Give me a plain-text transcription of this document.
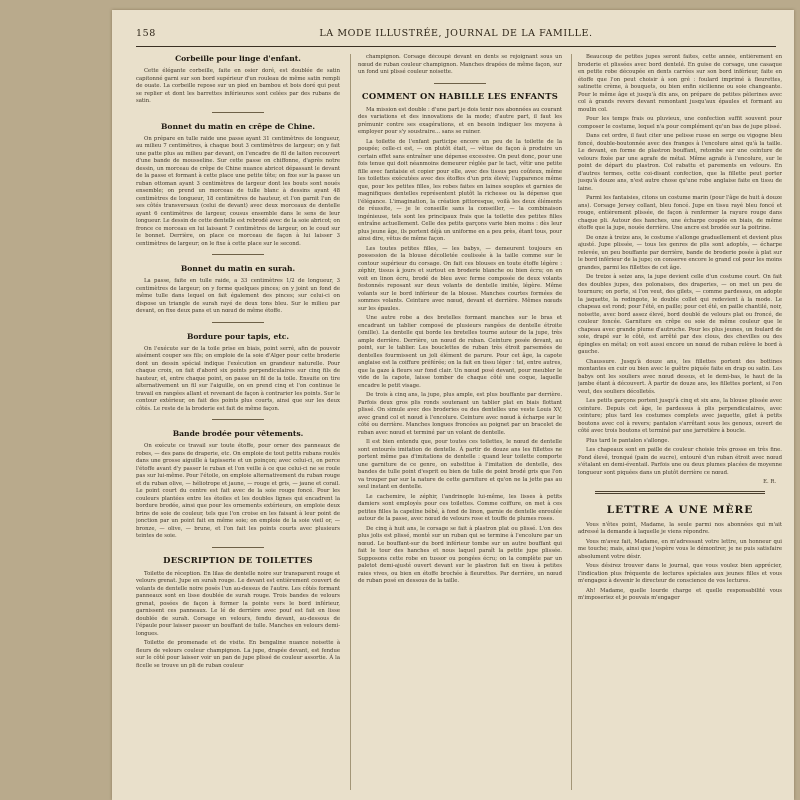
158	LA MODE ILLUSTRÉE, JOURNAL DE LA FAMILLE.
Corbeille pour linge d'enfant.

Cette élégante corbeille, faite en osier doré, est doublée de satin capitonné garni sur son bord supérieur d'un rouleau de même satin rempli de ouate. La corbeille repose sur un pied en bambou et bois doré qui peut se replier et dont les barrettes inférieures sont celées par des rubans de satin.

Bonnet du matin en crêpe de Chine.

On prépare en tulle raide une passe ayant 31 centimètres de longueur, au milieu 7 centimètres, à chaque bout 3 centimètres de largeur; on y fait une patte plus au milieu par devant, on l'encadre de fil de laiton recouvert d'une bande de mousseline. Sur cette passe on chiffonne, d'après notre dessin, un morceau de crêpe de Chine nuance abricot dépassant le devant de la passe et formant à cette place une petite tête; on fixe sur la passe un ruban ottoman ayant 3 centimètres de largeur dont les bouts sont noués ensemble; on prend un morceau de tulle blanc à dessins ayant 48 centimètres de longueur, 18 centimètres de hauteur, et l'on garnit l'un de ses côtés transversaux (celui de devant) avec deux morceaux de dentelle ayant 6 centimètres de largeur, cousus ensemble dans le sens de leur longueur. Le dessin de cette dentelle est rebrodé avec de la soie abricot; on fronce ce morceau en lui laissant 7 centimètres de largeur, on le coud sur le bonnet. Derrière, on place ce morceau de façon à lui laisser 3 centimètres de largeur; on le fixe à cette place sur le second.

Bonnet du matin en surah.

La passe, faite en tulle raide, a 33 centimètres 1/2 de longueur, 3 centimètres de largeur; on y forme quelques pinces; on y joint un fond de même tulle dans lequel on fait également des pinces; sur celui-ci on dispose un triangle de surah rayé de deux tons bleu. Sur le milieu par devant, on fixe deux pans et un nœud de même étoffe.

Bordure pour tapis, etc.

On l'exécute sur de la toile prise en biais, point serré, afin de pouvoir aisément couper ses fils; on emploie de la soie d'Alger pour cette broderie dont un dessin spécial indique l'exécution en grandeur naturelle. Pour chaque croix, on fait d'abord six points perpendiculaires sur cinq fils de hauteur, et, entre chaque point, on passe un fil de la toile. Ensuite on tire alternativement un fil sur l'aiguille, on en prend cinq et l'on continue le travail en rangées allant et revenant de façon à contrarier les points. Sur le contour extérieur, on fait des points plus courts, ainsi que sur les deux côtés. Le reste de la broderie est fait de même façon.

Bande brodée pour vêtements.

On exécute ce travail sur toute étoffe, pour orner des panneaux de robes, — des pans de draperie, etc. On emploie de tout petits rubans roulés dans une grosse aiguille à tapisserie et un poinçon; avec celui-ci, on perce l'étoffe avant d'y passer le ruban et l'on veille à ce que celui-ci ne se roule pas sur lui-même. Pour l'étoile, on emploie alternativement du ruban rouge et du ruban olive, — héliotrope et jaune, — rouge et gris, — jaune et corail. Le point court du centre est fait avec de la soie rouge foncé. Pour les couleurs plantées entre les étoiles et les doubles lignes qui encadrent la bordure brodée, ainsi que pour les ornements extérieurs, on emploie deux brins de soie de couleur, tels que l'on croise en les faisant à leur point de jonction par un point fait en même soie; on emploie de la soie vieil or, — bronze, — olive, — brune, et l'on fait les points courts avec plusieurs teintes de soie.

DESCRIPTION DE TOILETTES

Toilette de réception. En lilas de dentelle noire sur transparent rouge et velours grenat. Jupe en surah rouge. Le devant est entièrement couvert de volants de dentelle noire posés l'un au-dessus de l'autre. Les côtés formant panneaux sont en lisse doublée de surah rouge. Trois bandes de velours grenat, posées de façon à former la pointe vers le bord inférieur, garnissent ces panneaux. Le lé de derrière avec pouf est fait en lisse doublée de surah. Corsage en velours, fendu devant, au-dessous de l'épaule pour laisser passer un bouffant de tulle. Manches en velours demi-longues.

Toilette de promenade et de visite. En bengaline nuance noisette à fleurs de velours couleur champignon. La jupe, drapée devant, est fendue sur le côté pour laisser voir un pan de jupe plissé de couleur assortie. À la ficelle se trouve un pli de ruban couleur

champignon. Corsage découpé devant en dents se rejoignant sous un nœud de ruban couleur champignon. Manches drapées de même façon, sur un fond uni plissé couleur noisette.

COMMENT ON HABILLE LES ENFANTS

Ma mission est double : d'une part je dois tenir nos abonnées au courant des variations et des innovations de la mode; d'autre part, il faut les prémunir contre ses exagérations, et en besoin indiquer les moyens à employer pour s'y soustraire... sans se ruiner.

La toilette de l'enfant participe encore un peu de la toilette de la poupée; celle-ci est, — on plutôt était, — vêtue de façon à produire un certain effet sans entraîner une dépense excessive. On peut donc, pour une fois tenue qui doit néanmoins demeurer réglée par le tact, vêtir une petite fille avec fantaisie et copier pour elle, avec des tissus peu coûteux, même les toilettes exécutées avec des étoffes d'un prix élevé; l'apparence même que, pour les petites filles, les robes faites en laines souples et garnies de magnifiques dentelles représentent plutôt la richesse ou la dépense que l'élégance. L'imagination, la création pittoresque, voilà les deux éléments de réussite, — je le conseille sans la conseiller, — la combinaison ingénieuse, tels sont les principaux frais que la toilette des petites filles entraîne actuellement. Celle des petits garçons varie bien moins : dès leur plus jeune âge, ils portent déjà un uniforme en a peu près, étant tous, pour ainsi dire, vêtus de même façon.

Les toutes petites filles, — les babys, — demeurent toujours en possession de la blouse décolletée coulissée à la taille comme sur le contour supérieur du corsage. On fait ces blouses en toute étoffe légère : zéphir, tissus à jours et surtout en broderie blanche ou bien écru; on en voit en linon écru, brodé de bleu avec ferme composée de deux volants festonnés reposant sur deux volants de dentelle imitée, légère. Même volants sur le bord inférieur de la blouse. Manches courtes formées de sommes volants. Ceinture avec nœud, devant et derrière. Mêmes nœuds sur les épaules.

Une autre robe a des bretelles formant manches sur le bras et encadrant un tablier composé de plusieurs rangées de dentelle étroite (smille). La dentelle qui borde les bretelles tourne autour de la jupe, très ample derrière. Derrière, un nœud de ruban. Ceinture posée devant, au point, sur le tablier. Les bouclettes de ruban très étroit parsemées de dentelles fourmissent un joli élément de parure. Pour cet âge, la capote anglaise est la coiffure préférée; on la fait en tissu léger : tel, entre autres, que la gaze à fleurs sur fond clair. Un nœud posé devant, pour meubler le vide de la capote, laisse tomber de chaque côté une coque, laquelle encadre le petit visage.

De trois à cinq ans, la jupe, plus ample, est plus bouffante par derrière. Parfois deux gros plis ronds soutenant un tablier plat en biais flottant plissé. On simule avec des broderies ou des dentelles une veste Louis XV, avec grand col et nœud à l'encolure. Ceinture avec nœud à écharpe sur le côté ou derrière. Manches longues froncées au poignet par un bracelet de ruban avec nœud et terminé par un volant de dentelle.

Il est bien entendu que, pour toutes ces toilettes, le nœud de dentelle sont entourés imitation de dentelle. À partir de douze ans les fillettes ne portent même pas d'imitations de dentelle : quand leur toilette comporte une garniture de ce genre, on substitue à l'imitation de dentelle, des bandes de tulle point d'esprit ou bien de tulle de point brodé gris que l'on va trouper par sur la nature de cette garniture et qu'on ne la jette pas au seul instant en dentelle.

Le cachemire, le zéphir, l'andrinople lui-même, les lisses à petits damiers sont employés pour ces toilettes. Comme coiffure, on met à ces petites filles la capeline bébé, à fond de linon, garnie de dentelle enroulée autour de la passe, avec nœud de velours rose et touffe de plumes roses.

De cinq à huit ans, le corsage se fait à plastron plat ou plissé. L'on des plus jolis est plissé, monté sur un ruban qui se termine à l'encolure par un nœud. Le bouffant-sur du bord inférieur tombe sur un autre bouffant qui fait le tour des hanches et nous laquel paraît la petite jupe plissée. Supposons cette robe en tussor ou pongées écru; on la complète par un paletot demi-ajusté ouvert devant sur le plastron fait en tissu à petites raies vives, ou bien en étoffe brochée à fleurettes. Par derrière, un nœud de ruban posé en dessous de la taille.

Beaucoup de petites jupes seront faites, cette année, entièrement en broderie et plissées avec bord dentelé. En guise de corsage, une casaque en petite robe découpée en dents carrées sur son bord inférieur, faite en étoffe que l'on peut choisir à son gré : foulard imprimé à fleurettes, satinette crème, à bouquets, ou bien enfin sicilienne ou soie changeante. Pour le même âge et jusqu'à dix ans, on prépare de petites pèlerines avec col à grands revers devant remontant jusqu'aux épaules et formant au moulin col.

Pour les temps frais ou pluvieux, une confection suffit souvent pour composer le costume, lequel n'a pour complément qu'un bas de jupe plissé.

Dans cet ordre, il faut citer une pelisse russe en serge ou vigogne bleu foncé, double-boutonnée avec des franges à l'encolure ainsi qu'à la taille. Le devant, en forme de plastron bouffant, retombe sur une ceinture de velours fixée par une agrafe de métal. Même agrafe à l'encolure, sur le point de départ du plastron. Col rabattu et parements en velours. En d'autres termes, cette coi-disant confection, que la fillette peut porter jusqu'à douze ans, n'est autre chose qu'une robe anglaise faite en tissu de laine.

Parmi les fantaisies, citons un costume marin (pour l'âge de huit à douze ans). Corsage Jersey collant, bleu foncé. Jupe en tissu rayé bleu foncé et rouge, entièrement plissée, de façon à renfermer la rayure rouge dans chaque pli. Autour des hanches, une écharpe coupée en biais, de même étoffe que la jupe, nouée derrière. Une ancre est brodée sur la poitrine.

De onze à treize ans, le costume s'allonge graduellement et devient plus ajusté. Jupe plissée, — tous les genres de plis sont adoptés, — écharpe relevée, un peu bouffante par derrière, bande de broderie posée à plat sur le bord inférieur de la jupe; on conserve encore le grand col pour les moins grandes, parmi les fillettes de cet âge.

De treize à seize ans, la jupe devient celle d'un costume court. On fait des doubles jupes, des polonaises, des draperies, — on met un peu de tournure; on porte, si l'on veut, des gilets, — comme pardessus, on adopte la jaquette, la redingote, le double collet qui redevient à la mode. Le chapeau est rond; pour l'été, en paille; pour cet été, en paille chantilé, noir, noisette, avec bord assez élevé, bord doublé de velours plat ou froncé, de couleur foncée. Garniture en crêpe ou soie de même couleur que le chapeau avec grande plume d'autruche. Pour les plus jeunes, un foulard de soie, drapé sur le côté, est arrêté par des clous, des chevilles ou des épingles en métal; on voit aussi encore un nœud de ruban relève le bord à gauche.

Chaussure. Jusqu'à douze ans, les fillettes portent des bottines montantes en cuir ou bien avec le guêtre piquée faite en drap ou satin. Les babys ont les souliers avec nœud dessus, et le demi-bas, le haut de la jambe étant à découvert. À partir de douze ans, les fillettes portent, si l'on veut, des souliers décolletés.

Les petits garçons portent jusqu'à cinq et six ans, la blouse plissée avec ceinture. Depuis cet âge, le pardessus à plis perpendiculaires, avec ceinture; plus tard les costumes complets avec jaquette, gilet à petits boutons avec col à revers; pantalon s'arrêtant sous les genoux, ouvert de côté avec trois boutons et terminé par une jarretière à boucle.

Plus tard le pantalon s'allonge.

Les chapeaux sont en paille de couleur choisie très grosse en très fine. Fond élevé, tronqué (pain de sucre), entouré d'un ruban étroit avec nœud s'étalant en demi-éventail. Parfois une ou deux plumes placées de moyenne longueur sont piquées dans un plutôt derrière ce nœud.

E. R.
LETTRE A UNE MÈRE

Vous n'êtes point, Madame, la seule parmi nos abonnées qui m'ait adressé la demande à laquelle je viens répondre.

Vous m'avez fait, Madame, en m'adressant votre lettre, un honneur qui me touche; mais, ainsi que j'espère vous le démontrer, je ne puis satisfaire absolument votre désir.

Vous désirez trouver dans le journal, que vous voulez bien apprécier, l'indication plus fréquente de lectures spéciales aux jeunes filles et vous m'engagez à devenir le directeur de conscience de vos lectures.

Ah! Madame, quelle lourde charge et quelle responsabilité vous m'imposeriez et je pouvais m'engager
